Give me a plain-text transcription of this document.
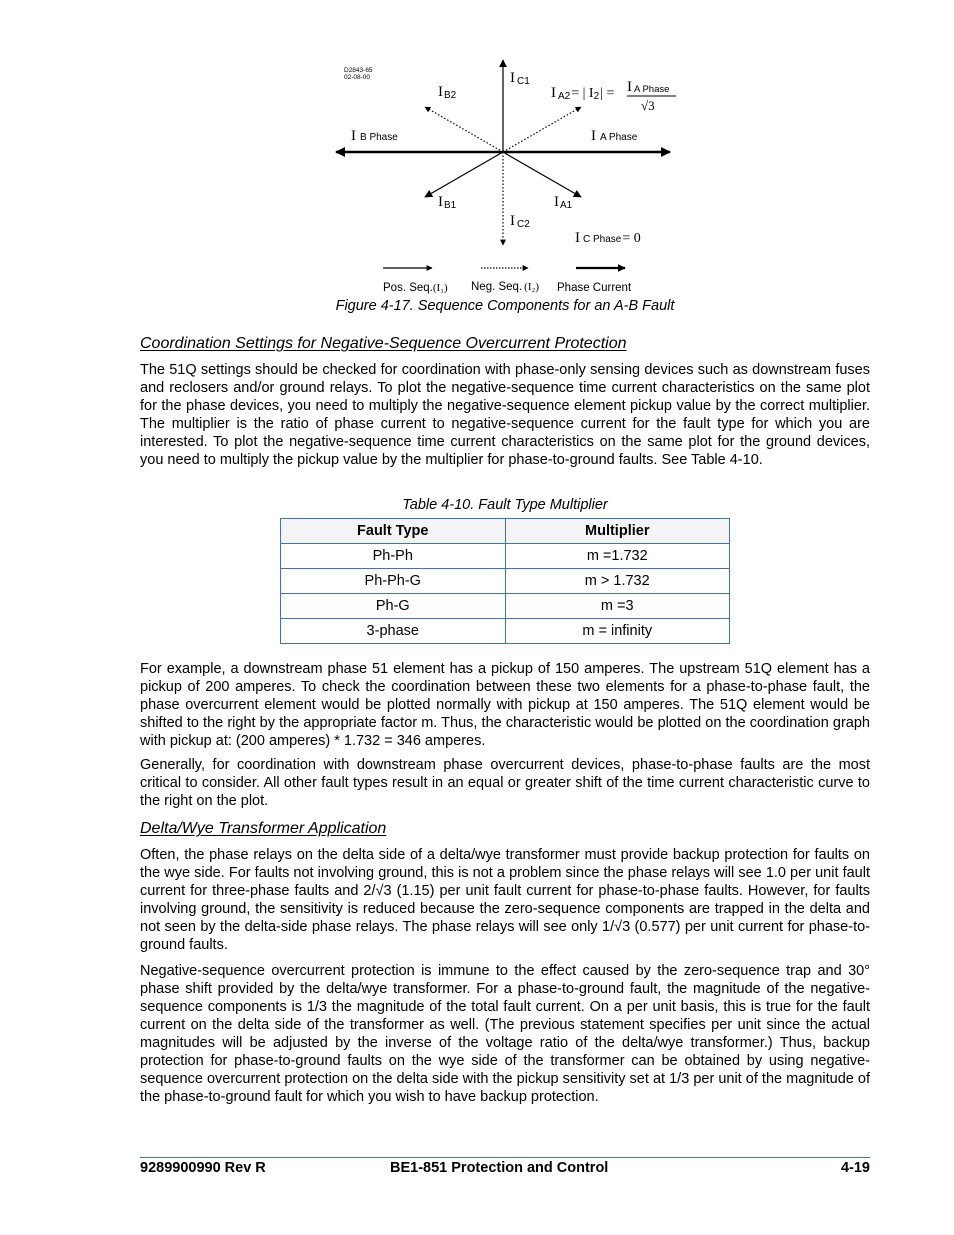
D2843-65
02-08-00	I C1
IB2	I A2= | I2| = I A Phase
√3
I B Phase	I A Phase
IB1	IA1
I C2
I C Phase= 0
Pos. Seq.(I₁) Neg. Seq. (I₂) Phase Current
Figure 4-17. Sequence Components for an A-B Fault
Coordination Settings for Negative-Sequence Overcurrent Protection

The 51Q settings should be checked for coordination with phase-only sensing devices such as downstream fuses and reclosers and/or ground relays. To plot the negative-sequence time current characteristics on the same plot for the phase devices, you need to multiply the negative-sequence element pickup value by the correct multiplier. The multiplier is the ratio of phase current to negative-sequence current for the fault type for which you are interested. To plot the negative-sequence time current characteristics on the same plot for the ground devices, you need to multiply the pickup value by the multiplier for phase-to-ground faults. See Table 4-10.

Table 4-10. Fault Type Multiplier
Fault Type	Multiplier
Ph-Ph	m =1.732
Ph-Ph-G	m > 1.732
Ph-G	m =3
3-phase	m = infinity

For example, a downstream phase 51 element has a pickup of 150 amperes. The upstream 51Q element has a pickup of 200 amperes. To check the coordination between these two elements for a phase-to-phase fault, the phase overcurrent element would be plotted normally with pickup at 150 amperes. The 51Q element would be shifted to the right by the appropriate factor m. Thus, the characteristic would be plotted on the coordination graph with pickup at: (200 amperes) * 1.732 = 346 amperes.

Generally, for coordination with downstream phase overcurrent devices, phase-to-phase faults are the most critical to consider. All other fault types result in an equal or greater shift of the time current characteristic curve to the right on the plot.

Delta/Wye Transformer Application

Often, the phase relays on the delta side of a delta/wye transformer must provide backup protection for faults on the wye side. For faults not involving ground, this is not a problem since the phase relays will see 1.0 per unit fault current for three-phase faults and 2/√3 (1.15) per unit fault current for phase-to-phase faults. However, for faults involving ground, the sensitivity is reduced because the zero-sequence components are trapped in the delta and not seen by the delta-side phase relays. The phase relays will see only 1/√3 (0.577) per unit current for phase-to-ground faults.

Negative-sequence overcurrent protection is immune to the effect caused by the zero-sequence trap and 30° phase shift provided by the delta/wye transformer. For a phase-to-ground fault, the magnitude of the negative-sequence components is 1/3 the magnitude of the total fault current. On a per unit basis, this is true for the fault current on the delta side of the transformer as well. (The previous statement specifies per unit since the actual magnitudes will be adjusted by the inverse of the voltage ratio of the delta/wye transformer.) Thus, backup protection for phase-to-ground faults on the wye side of the transformer can be obtained by using negative-sequence overcurrent protection on the delta side with the pickup sensitivity set at 1/3 per unit of the magnitude of the phase-to-ground fault for which you wish to have backup protection.

9289900990 Rev R	BE1-851 Protection and Control	4-19
